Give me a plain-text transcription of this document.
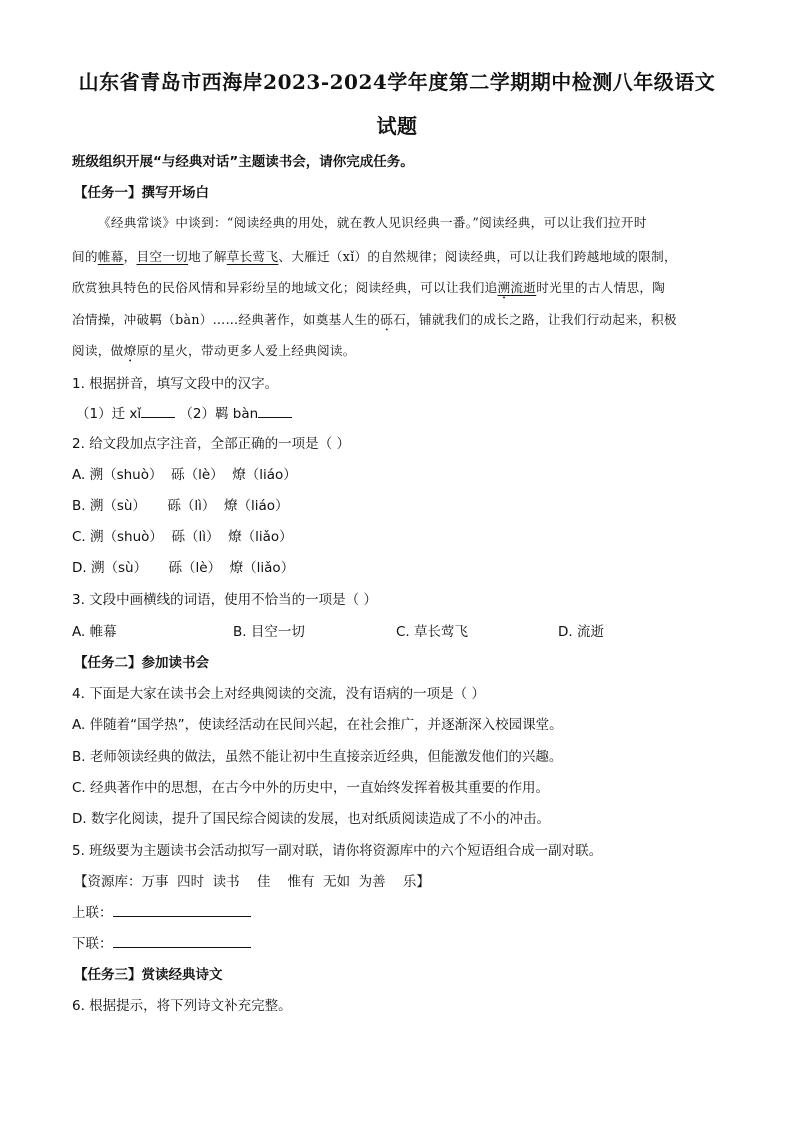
山东省青岛市西海岸2023-2024学年度第二学期期中检测八年级语文
试题
班级组织开展“与经典对话”主题读书会，请你完成任务。
【任务一】撰写开场白
《经典常谈》中谈到：“阅读经典的用处，就在教人见识经典一番。”阅读经典，可以让我们拉开时
间的帷幕，目空一切地了解草长莺飞、大雁迁（xǐ）的自然规律；阅读经典，可以让我们跨越地域的限制，
欣赏独具特色的民俗风情和异彩纷呈的地域文化；阅读经典，可以让我们追溯流逝时光里的古人情思，陶
冶情操，冲破羁（bàn）……经典著作，如奠基人生的砾石，铺就我们的成长之路，让我们行动起来，积极
阅读，做燎原的星火，带动更多人爱上经典阅读。
1. 根据拼音，填写文段中的汉字。
（1）迁 xǐ	（2）羁 bàn
2. 给文段加点字注音，全部正确的一项是（ ）
A. 溯（shuò）  砾（lè）  燎（liáo）
B. 溯（sù）     砾（lì）  燎（liáo）
C. 溯（shuò）  砾（lì）  燎（liǎo）
D. 溯（sù）     砾（lè）  燎（liǎo）
3. 文段中画横线的词语，使用不恰当的一项是（ ）
A. 帷幕	B. 目空一切	C. 草长莺飞	D. 流逝
【任务二】参加读书会
4. 下面是大家在读书会上对经典阅读的交流，没有语病的一项是（ ）
A. 伴随着“国学热”，使读经活动在民间兴起，在社会推广，并逐渐深入校园课堂。
B. 老师领读经典的做法，虽然不能让初中生直接亲近经典，但能激发他们的兴趣。
C. 经典著作中的思想，在古今中外的历史中，一直始终发挥着极其重要的作用。
D. 数字化阅读，提升了国民综合阅读的发展，也对纸质阅读造成了不小的冲击。
5. 班级要为主题读书会活动拟写一副对联，请你将资源库中的六个短语组合成一副对联。
【资源库：万事  四时  读书    佳    惟有  无如  为善    乐】
上联：
下联：
【任务三】赏读经典诗文
6. 根据提示，将下列诗文补充完整。
